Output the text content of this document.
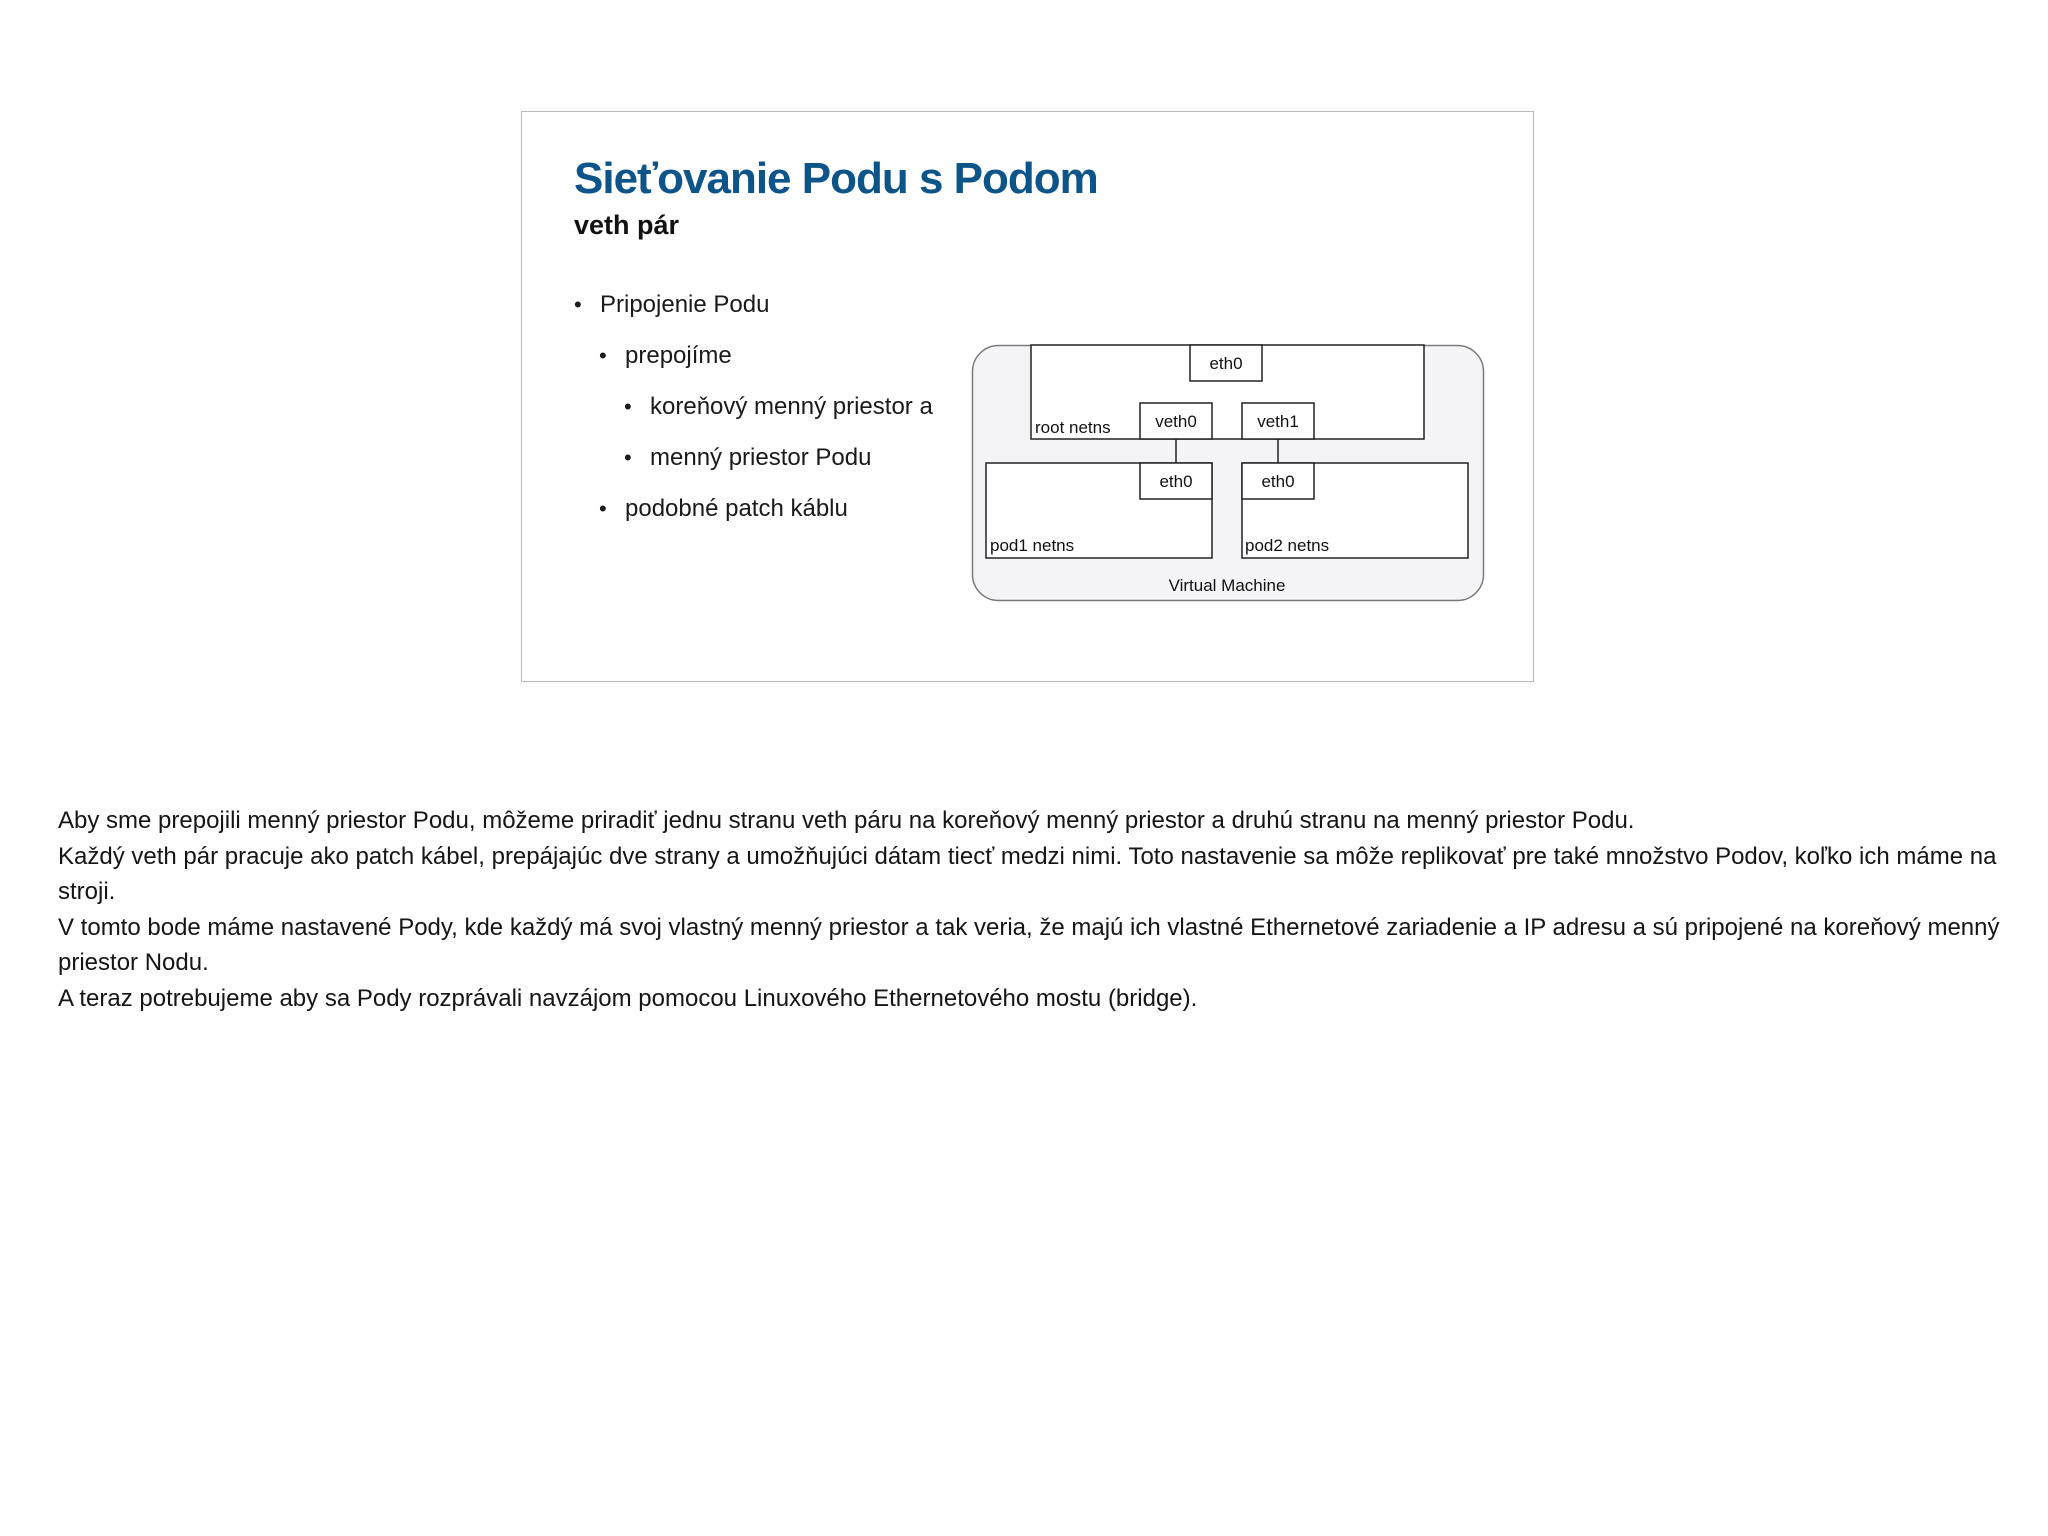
Sieťovanie Podu s Podom
veth pár
• Pripojenie Podu
• prepojíme
• koreňový menný priestor a
• menný priestor Podu
• podobné patch káblu
Virtual Machine
root netns
eth0
veth0	veth1
pod1 netns
eth0
pod2 netns
eth0

Aby sme prepojili menný priestor Podu, môžeme priradiť jednu stranu veth páru na koreňový menný priestor a druhú stranu na menný priestor Podu.

Každý veth pár pracuje ako patch kábel, prepájajúc dve strany a umožňujúci dátam tiecť medzi nimi. Toto nastavenie sa môže replikovať pre také množstvo Podov, koľko ich máme na stroji.

V tomto bode máme nastavené Pody, kde každý má svoj vlastný menný priestor a tak veria, že majú ich vlastné Ethernetové zariadenie a IP adresu a sú pripojené na koreňový menný priestor Nodu.

A teraz potrebujeme aby sa Pody rozprávali navzájom pomocou Linuxového Ethernetového mostu (bridge).
